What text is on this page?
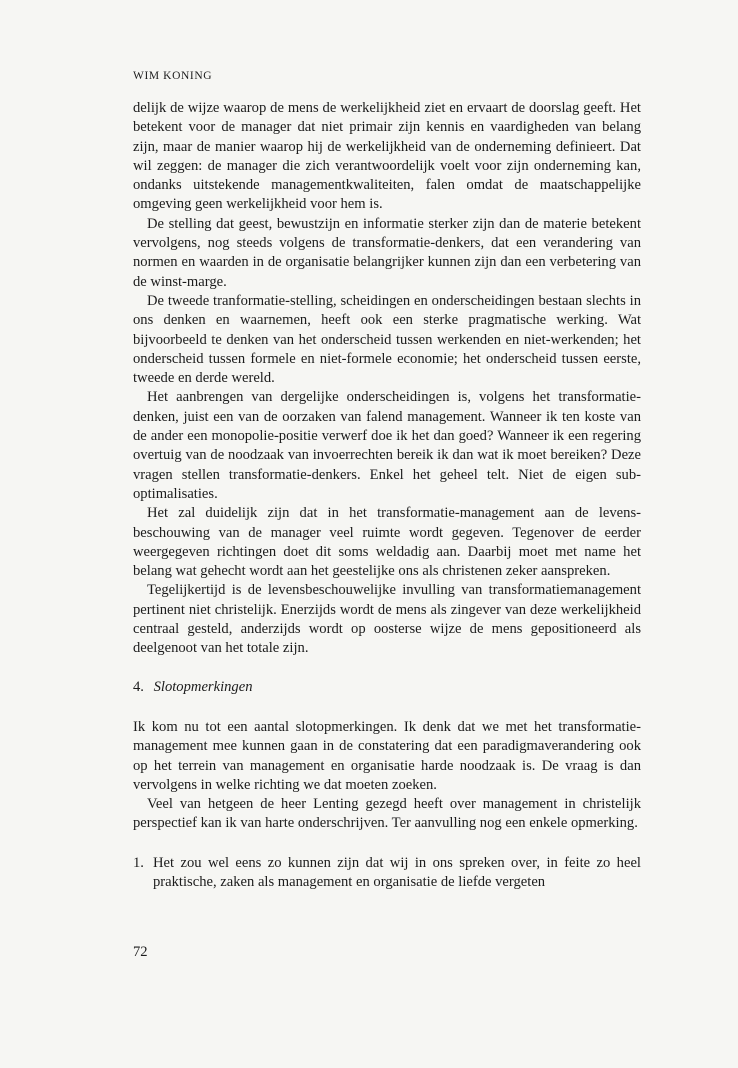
WIM KONING

delijk de wijze waarop de mens de werkelijkheid ziet en ervaart de doorslag geeft. Het betekent voor de manager dat niet primair zijn kennis en vaardigheden van belang zijn, maar de manier waarop hij de werkelijkheid van de onderneming definieert. Dat wil zeggen: de manager die zich verantwoordelijk voelt voor zijn onderneming kan, ondanks uitstekende managementkwaliteiten, falen omdat de maatschappelijke omgeving geen werkelijkheid voor hem is.

De stelling dat geest, bewustzijn en informatie sterker zijn dan de materie betekent vervolgens, nog steeds volgens de transformatie-denkers, dat een verandering van normen en waarden in de organisatie belangrijker kunnen zijn dan een verbetering van de winst-marge.

De tweede tranformatie-stelling, scheidingen en onderscheidingen bestaan slechts in ons denken en waarnemen, heeft ook een sterke pragmatische werking. Wat bijvoorbeeld te denken van het onderscheid tussen werkenden en niet-werkenden; het onderscheid tussen formele en niet-formele economie; het onderscheid tussen eerste, tweede en derde wereld.

Het aanbrengen van dergelijke onderscheidingen is, volgens het transformatie-denken, juist een van de oorzaken van falend management. Wanneer ik ten koste van de ander een monopolie-positie verwerf doe ik het dan goed? Wanneer ik een regering overtuig van de noodzaak van invoerrechten bereik ik dan wat ik moet bereiken? Deze vragen stellen transformatie-denkers. Enkel het geheel telt. Niet de eigen sub-optimalisaties.

Het zal duidelijk zijn dat in het transformatie-management aan de levensbeschouwing van de manager veel ruimte wordt gegeven. Tegenover de eerder weergegeven richtingen doet dit soms weldadig aan. Daarbij moet met name het belang wat gehecht wordt aan het geestelijke ons als christenen zeker aanspreken.

Tegelijkertijd is de levensbeschouwelijke invulling van transformatiemanagement pertinent niet christelijk. Enerzijds wordt de mens als zingever van deze werkelijkheid centraal gesteld, anderzijds wordt op oosterse wijze de mens gepositioneerd als deelgenoot van het totale zijn.

4. Slotopmerkingen

Ik kom nu tot een aantal slotopmerkingen. Ik denk dat we met het transformatie-management mee kunnen gaan in de constatering dat een paradigmaverandering ook op het terrein van management en organisatie harde noodzaak is. De vraag is dan vervolgens in welke richting we dat moeten zoeken.

Veel van hetgeen de heer Lenting gezegd heeft over management in christelijk perspectief kan ik van harte onderschrijven. Ter aanvulling nog een enkele opmerking.

1. Het zou wel eens zo kunnen zijn dat wij in ons spreken over, in feite zo heel praktische, zaken als management en organisatie de liefde vergeten
72
